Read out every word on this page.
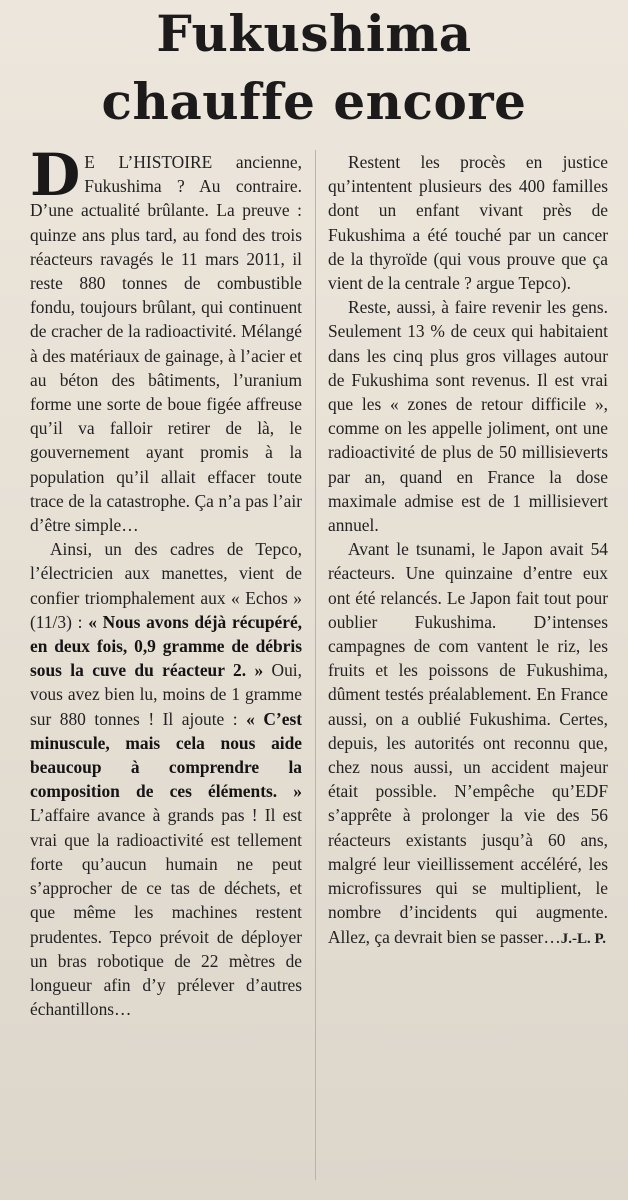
Fukushima
chauffe encore

D E L’HISTOIRE ancienne, Fukushima ? Au contraire. D’une actualité brûlante. La preuve : quinze ans plus tard, au fond des trois réacteurs ravagés le 11 mars 2011, il reste 880 tonnes de combustible fondu, toujours brûlant, qui continuent de cracher de la radioactivité. Mélangé à des matériaux de gainage, à l’acier et au béton des bâtiments, l’uranium forme une sorte de boue figée affreuse qu’il va falloir retirer de là, le gouvernement ayant promis à la population qu’il allait effacer toute trace de la catastrophe. Ça n’a pas l’air d’être simple…

Ainsi, un des cadres de Tepco, l’électricien aux manettes, vient de confier triomphalement aux « Echos » (11/3) : « Nous avons déjà récupéré, en deux fois, 0,9 gramme de débris sous la cuve du réacteur 2. » Oui, vous avez bien lu, moins de 1 gramme sur 880 tonnes ! Il ajoute : « C’est minuscule, mais cela nous aide beaucoup à comprendre la composition de ces éléments. » L’affaire avance à grands pas ! Il est vrai que la radioactivité est tellement forte qu’aucun humain ne peut s’approcher de ce tas de déchets, et que même les machines restent prudentes. Tepco prévoit de déployer un bras robotique de 22 mètres de longueur afin d’y prélever d’autres échantillons…

Restent les procès en justice qu’intentent plusieurs des 400 familles dont un enfant vivant près de Fukushima a été touché par un cancer de la thyroïde (qui vous prouve que ça vient de la centrale ? argue Tepco).

Reste, aussi, à faire revenir les gens. Seulement 13 % de ceux qui habitaient dans les cinq plus gros villages autour de Fukushima sont revenus. Il est vrai que les « zones de retour difficile », comme on les appelle joliment, ont une radioactivité de plus de 50 millisieverts par an, quand en France la dose maximale admise est de 1 millisievert annuel.

Avant le tsunami, le Japon avait 54 réacteurs. Une quinzaine d’entre eux ont été relancés. Le Japon fait tout pour oublier Fukushima. D’intenses campagnes de com vantent le riz, les fruits et les poissons de Fukushima, dûment testés préalablement. En France aussi, on a oublié Fukushima. Certes, depuis, les autorités ont reconnu que, chez nous aussi, un accident majeur était possible. N’empêche qu’EDF s’apprête à prolonger la vie des 56 réacteurs existants jusqu’à 60 ans, malgré leur vieillissement accéléré, les microfissures qui se multiplient, le nombre d’incidents qui augmente. Allez, ça devrait bien se passer… J.-L. P.
